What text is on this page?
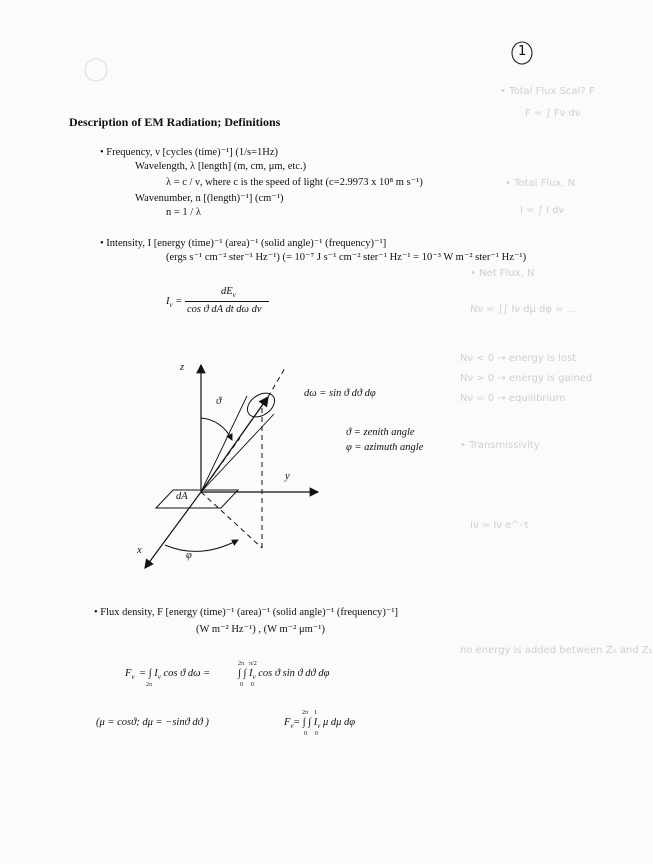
• Total Flux Scal? F
F = ∫ Fν dν
• Total Flux, N
I = ∫ I dν
• Net Flux, N
Nν = ∫∫ Iν dμ dφ = ...
Nν < 0 → energy is lost
Nν > 0 → energy is gained
Nν = 0 → equilibrium
• Transmissivity
Iν = Iν e^-τ
no energy is added between Z₀ and Z₁
1
Description of EM Radiation; Definitions
• Frequency, ν [cycles (time)⁻¹] (1/s=1Hz)
Wavelength, λ [length] (m, cm, μm, etc.)
λ = c / ν, where c is the speed of light (c=2.9973 x 10⁸ m s⁻¹)
Wavenumber, n [(length)⁻¹] (cm⁻¹)
n = 1 / λ
• Intensity, I [energy (time)⁻¹ (area)⁻¹ (solid angle)⁻¹ (frequency)⁻¹]
(ergs s⁻¹ cm⁻² ster⁻¹ Hz⁻¹) (= 10⁻⁷ J s⁻¹ cm⁻² ster⁻¹ Hz⁻¹ = 10⁻³ W m⁻² ster⁻¹ Hz⁻¹)
$I_\nu$ =
$dE_\nu$
cos ϑ dA dt dω dν
z
y
x
ϑ
φ
dA
dω = sin ϑ dϑ dφ
ϑ = zenith angle
φ = azimuth angle
• Flux density, F [energy (time)⁻¹ (area)⁻¹ (solid angle)⁻¹ (frequency)⁻¹]
(W m⁻² Hz⁻¹) , (W m⁻² μm⁻¹)
$F_\nu$ = ∫ $I_\nu$ cos ϑ dω =
2π
2π π/2
0 0
∫ ∫ $I_\nu$ cos ϑ sin ϑ dϑ dφ
(μ = cosϑ; dμ = −sinϑ dϑ )	$F_\nu$
2π 1
0 0
= ∫ ∫ $I_\nu$ μ dμ dφ
